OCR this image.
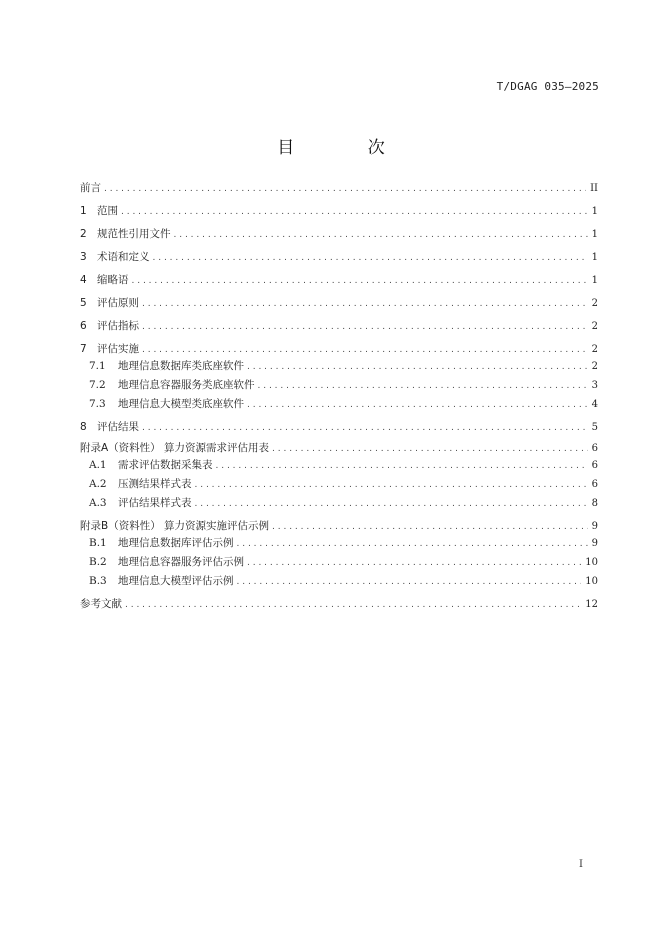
T/DGAG 035—2025
目 次
前言 . . .	II
1 范围 . . .	1
2 规范性引用文件 . . .	1
3 术语和定义 . . .	1
4 缩略语 . . .	1
5 评估原则 . . .	2
6 评估指标 . . .	2
7 评估实施 . . .	2
7.1	地理信息数据库类底座软件 . . .	2
7.2	地理信息容器服务类底座软件 . . .	3
7.3	地理信息大模型类底座软件 . . .	4
8 评估结果 . . .	5
附录A（资料性） 算力资源需求评估用表 . . .	6
A.1	需求评估数据采集表 . . .	6
A.2	压测结果样式表 . . .	6
A.3	评估结果样式表 . . .	8
附录B（资料性） 算力资源实施评估示例 . . .	9
B.1	地理信息数据库评估示例 . . .	9
B.2	地理信息容器服务评估示例 . . .	10
B.3	地理信息大模型评估示例 . . .	10
参考文献 . . .	12
I
